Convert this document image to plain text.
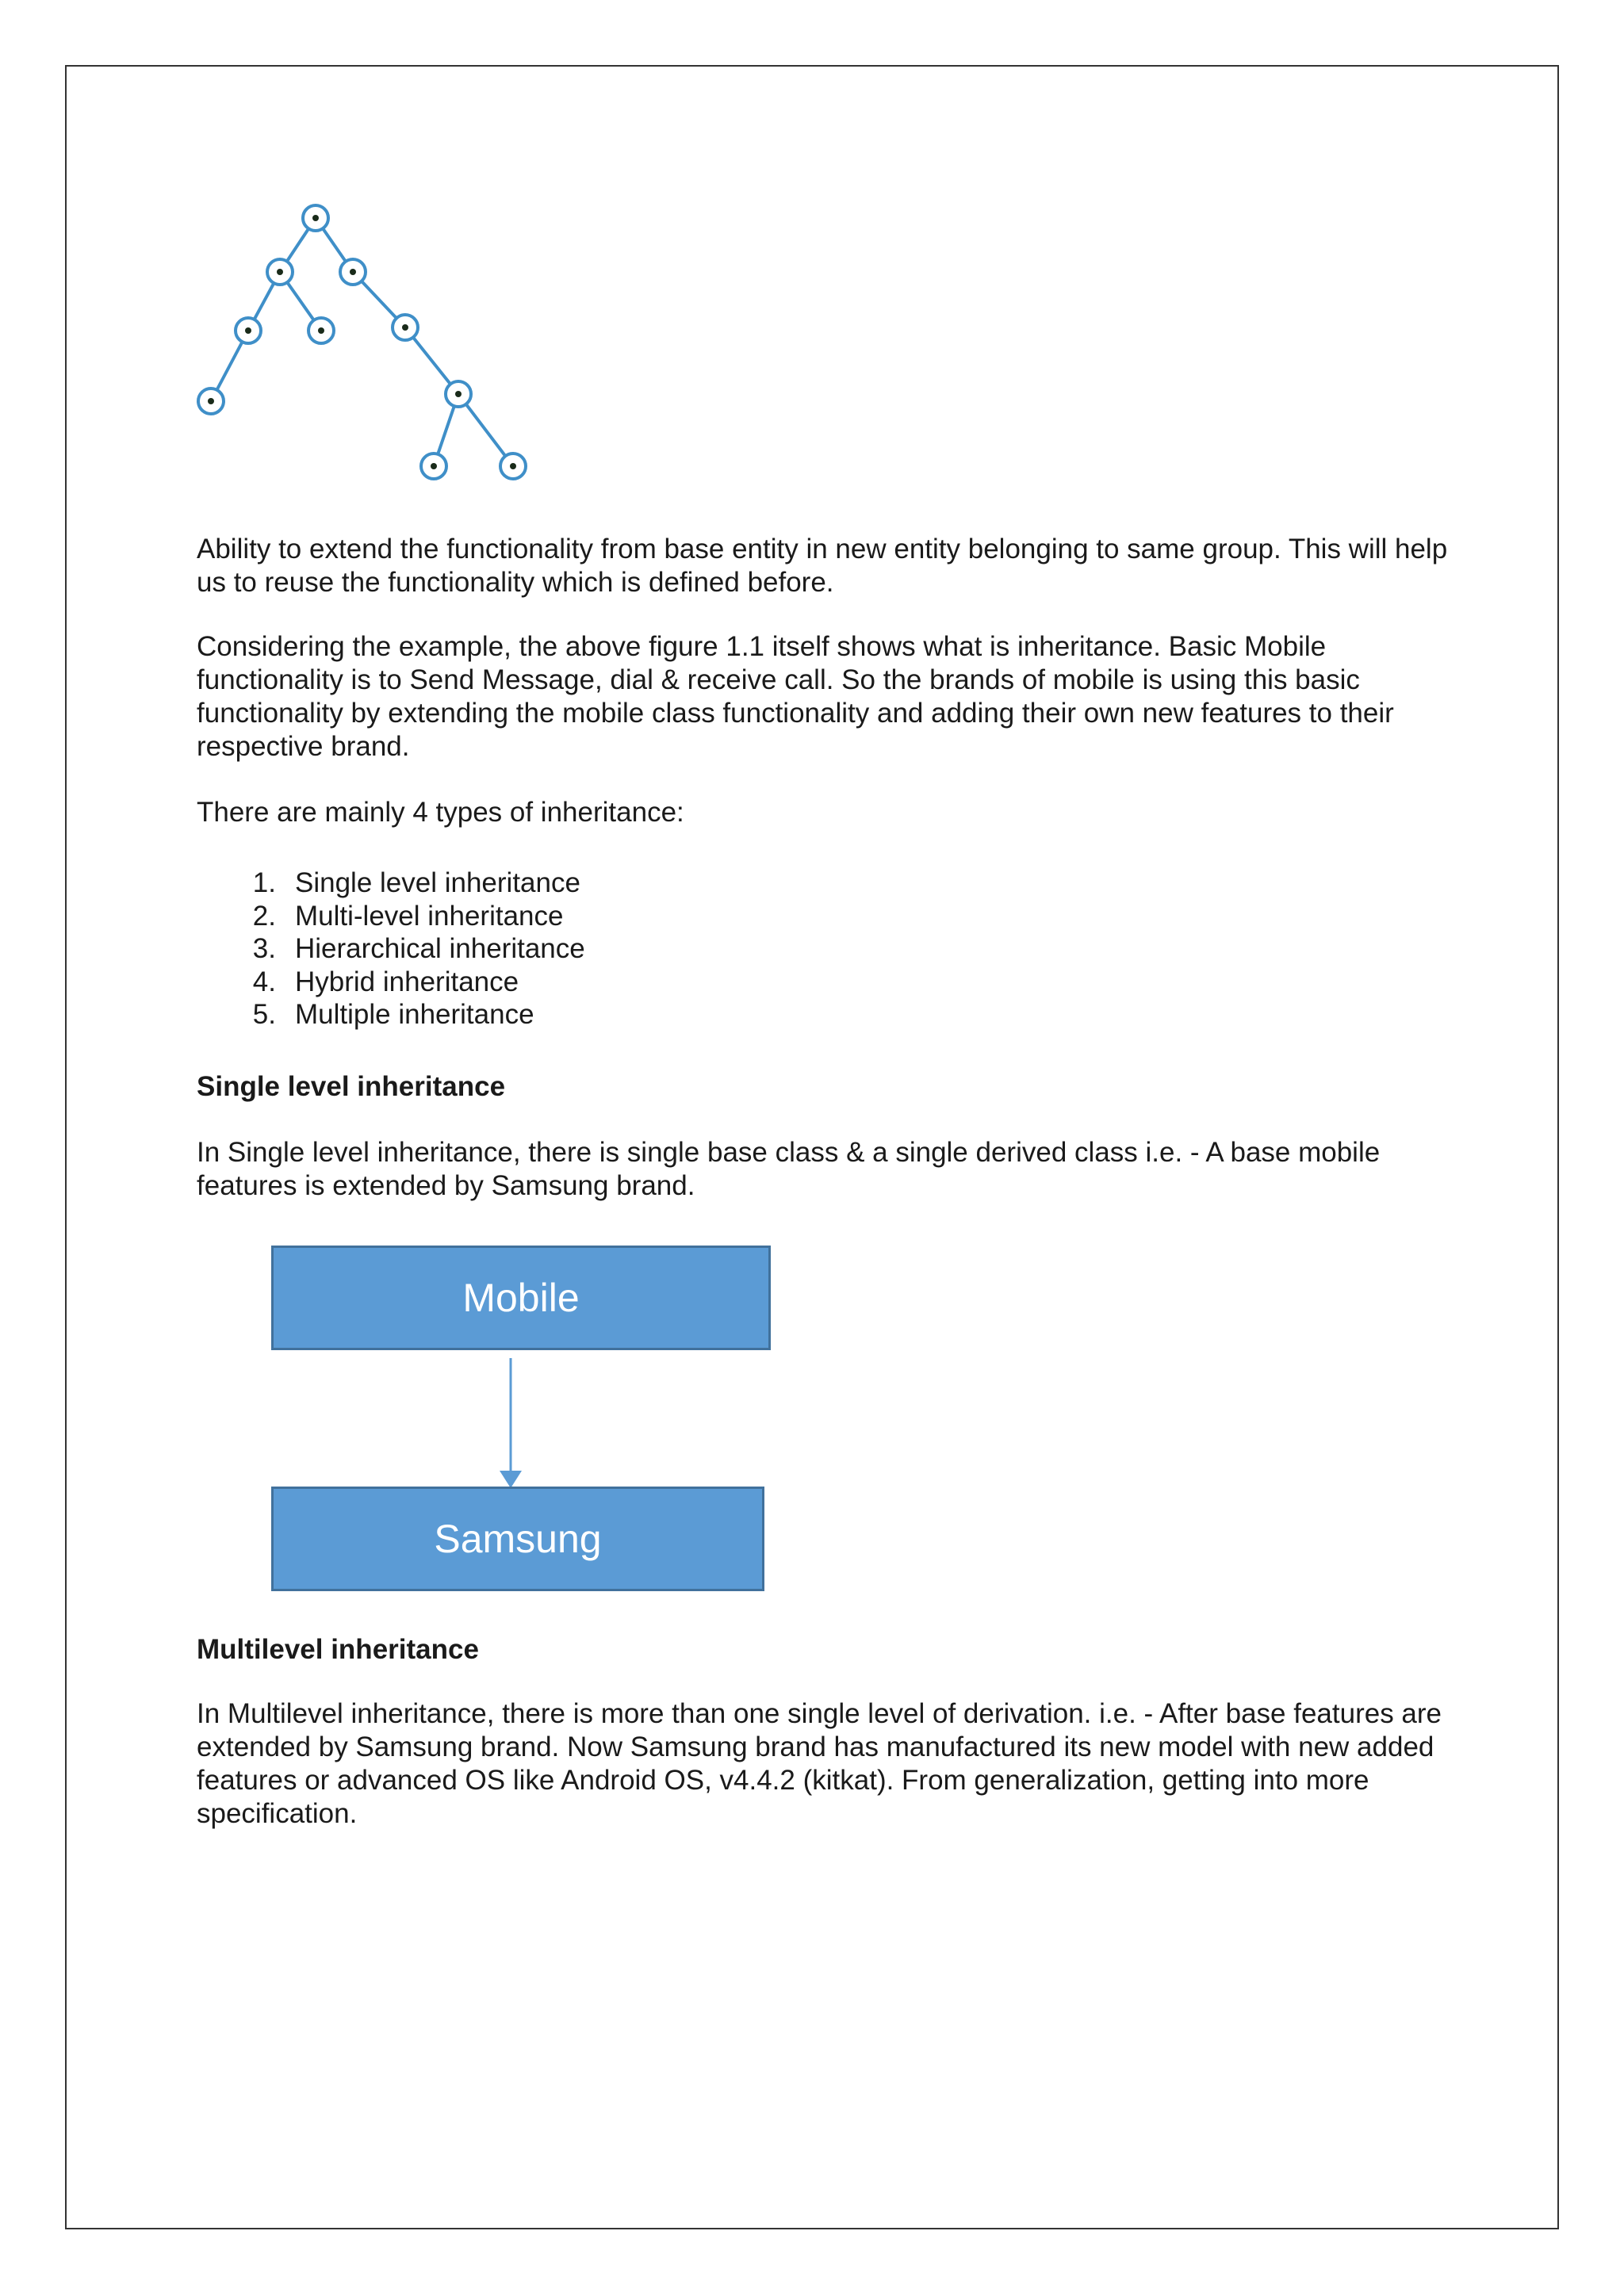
Ability to extend the functionality from base entity in new entity belonging to same group. This will help us to reuse the functionality which is defined before.

Considering the example, the above figure 1.1 itself shows what is inheritance. Basic Mobile functionality is to Send Message, dial & receive call. So the brands of mobile is using this basic functionality by extending the mobile class functionality and adding their own new features to their respective brand.

There are mainly 4 types of inheritance:

1. Single level inheritance
2. Multi-level inheritance
3. Hierarchical inheritance
4. Hybrid inheritance
5. Multiple inheritance
Single level inheritance

In Single level inheritance, there is single base class & a single derived class i.e. - A base mobile features is extended by Samsung brand.

Mobile
Samsung
Multilevel inheritance

In Multilevel inheritance, there is more than one single level of derivation. i.e. - After base features are extended by Samsung brand. Now Samsung brand has manufactured its new model with new added features or advanced OS like Android OS, v4.4.2 (kitkat). From generalization, getting into more specification.
